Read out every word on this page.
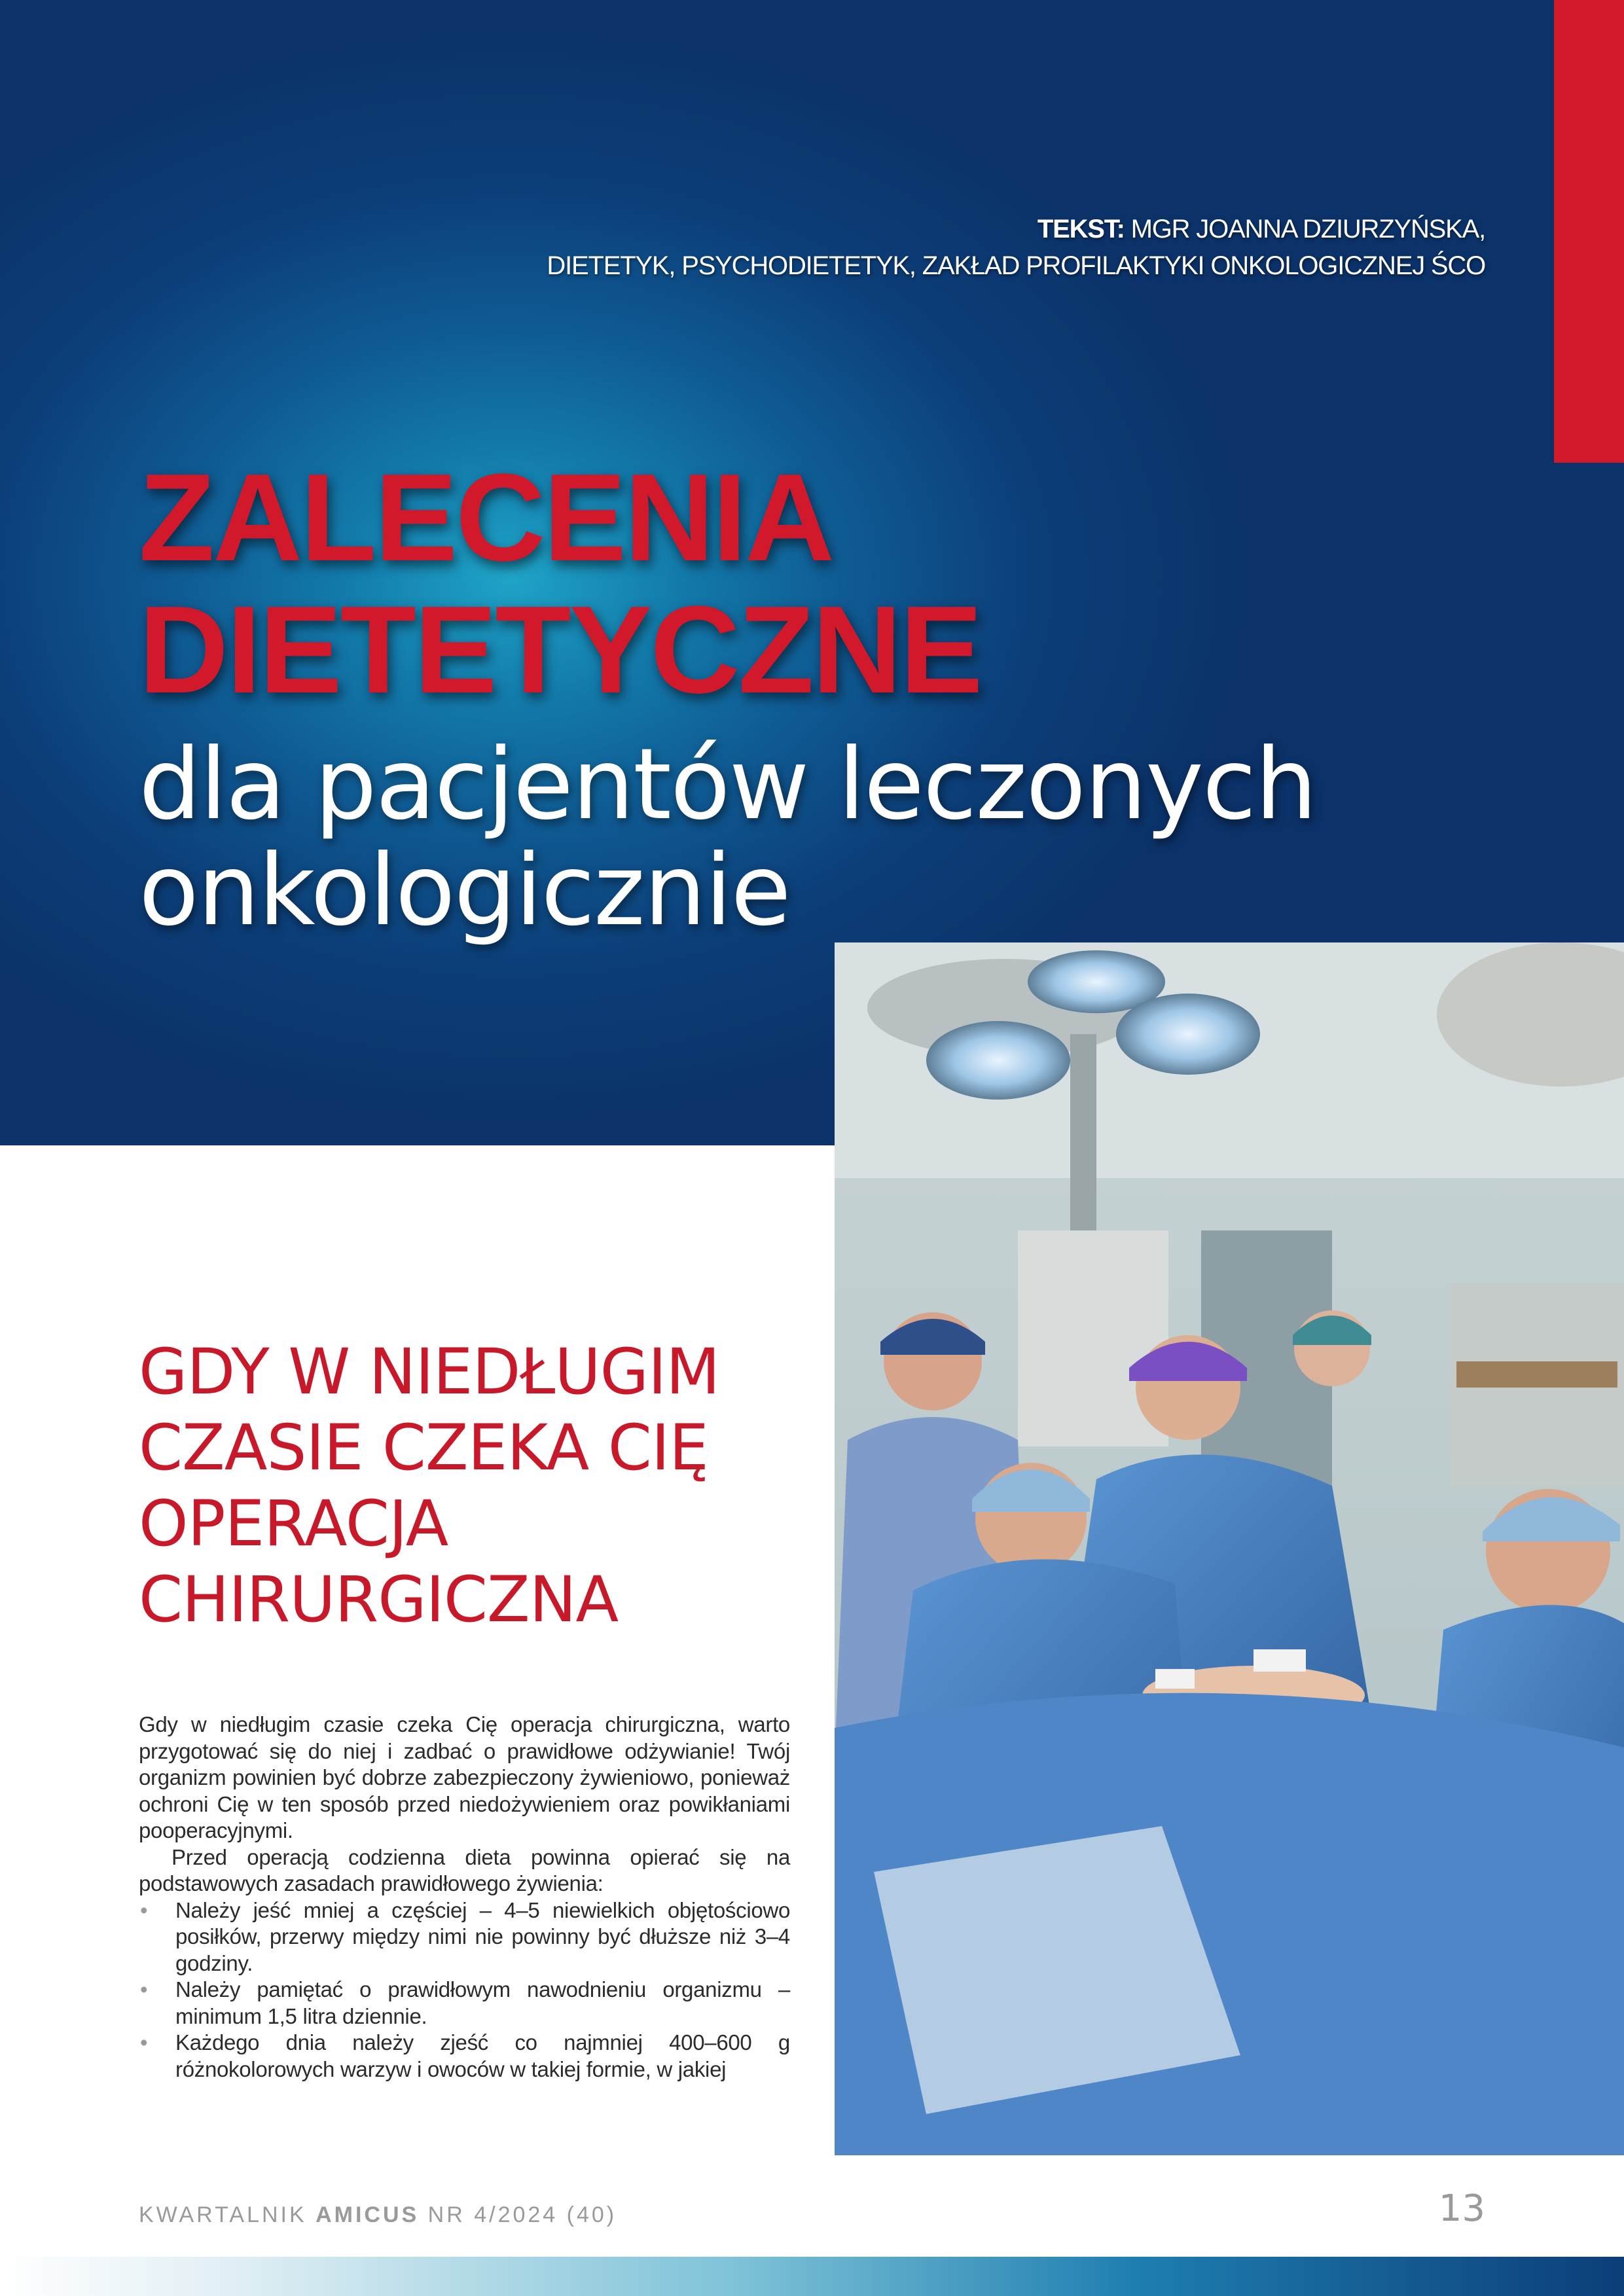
TEKST: MGR JOANNA DZIURZYŃSKA,
DIETETYK, PSYCHODIETETYK, ZAKŁAD PROFILAKTYKI ONKOLOGICZNEJ ŚCO
ZALECENIA
DIETETYCZNE
dla pacjentów leczonych
onkologicznie
GDY W NIEDŁUGIM
CZASIE CZEKA CIĘ
OPERACJA
CHIRURGICZNA

Gdy w niedługim czasie czeka Cię operacja chirurgiczna, warto przygotować się do niej i zadbać o prawidłowe odżywianie! Twój organizm powinien być dobrze zabezpieczony żywieniowo, ponieważ ochroni Cię w ten sposób przed niedożywieniem oraz powikłaniami pooperacyjnymi.

Przed operacją codzienna dieta powinna opierać się na podstawowych zasadach prawidłowego żywienia:

• Należy jeść mniej a częściej – 4–5 niewielkich objętościowo posiłków, przerwy między nimi nie powinny być dłuższe niż 3–4 godziny.
• Należy pamiętać o prawidłowym nawodnieniu organizmu – minimum 1,5 litra dziennie.
• Każdego dnia należy zjeść co najmniej 400–600 g różnokolorowych warzyw i owoców w takiej formie, w jakiej
KWARTALNIK AMICUS NR 4/2024 (40)	13
